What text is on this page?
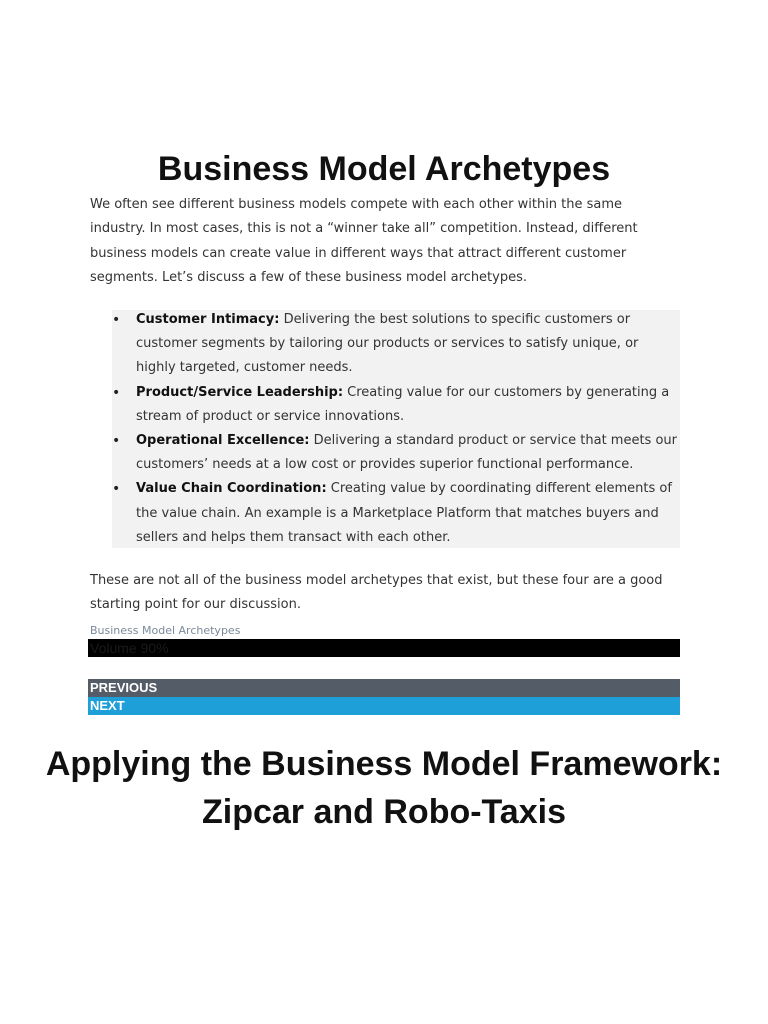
Business Model Archetypes

We often see different business models compete with each other within the same industry. In most cases, this is not a “winner take all” competition. Instead, different business models can create value in different ways that attract different customer segments. Let’s discuss a few of these business model archetypes.

• Customer Intimacy: Delivering the best solutions to specific customers or customer segments by tailoring our products or services to satisfy unique, or highly targeted, customer needs.
• Product/Service Leadership: Creating value for our customers by generating a stream of product or service innovations.
• Operational Excellence: Delivering a standard product or service that meets our customers’ needs at a low cost or provides superior functional performance.
• Value Chain Coordination: Creating value by coordinating different elements of the value chain. An example is a Marketplace Platform that matches buyers and sellers and helps them transact with each other.

These are not all of the business model archetypes that exist, but these four are a good starting point for our discussion.

Business Model Archetypes
Volume 90%
PREVIOUS
NEXT
Applying the Business Model Framework: Zipcar and Robo-Taxis
